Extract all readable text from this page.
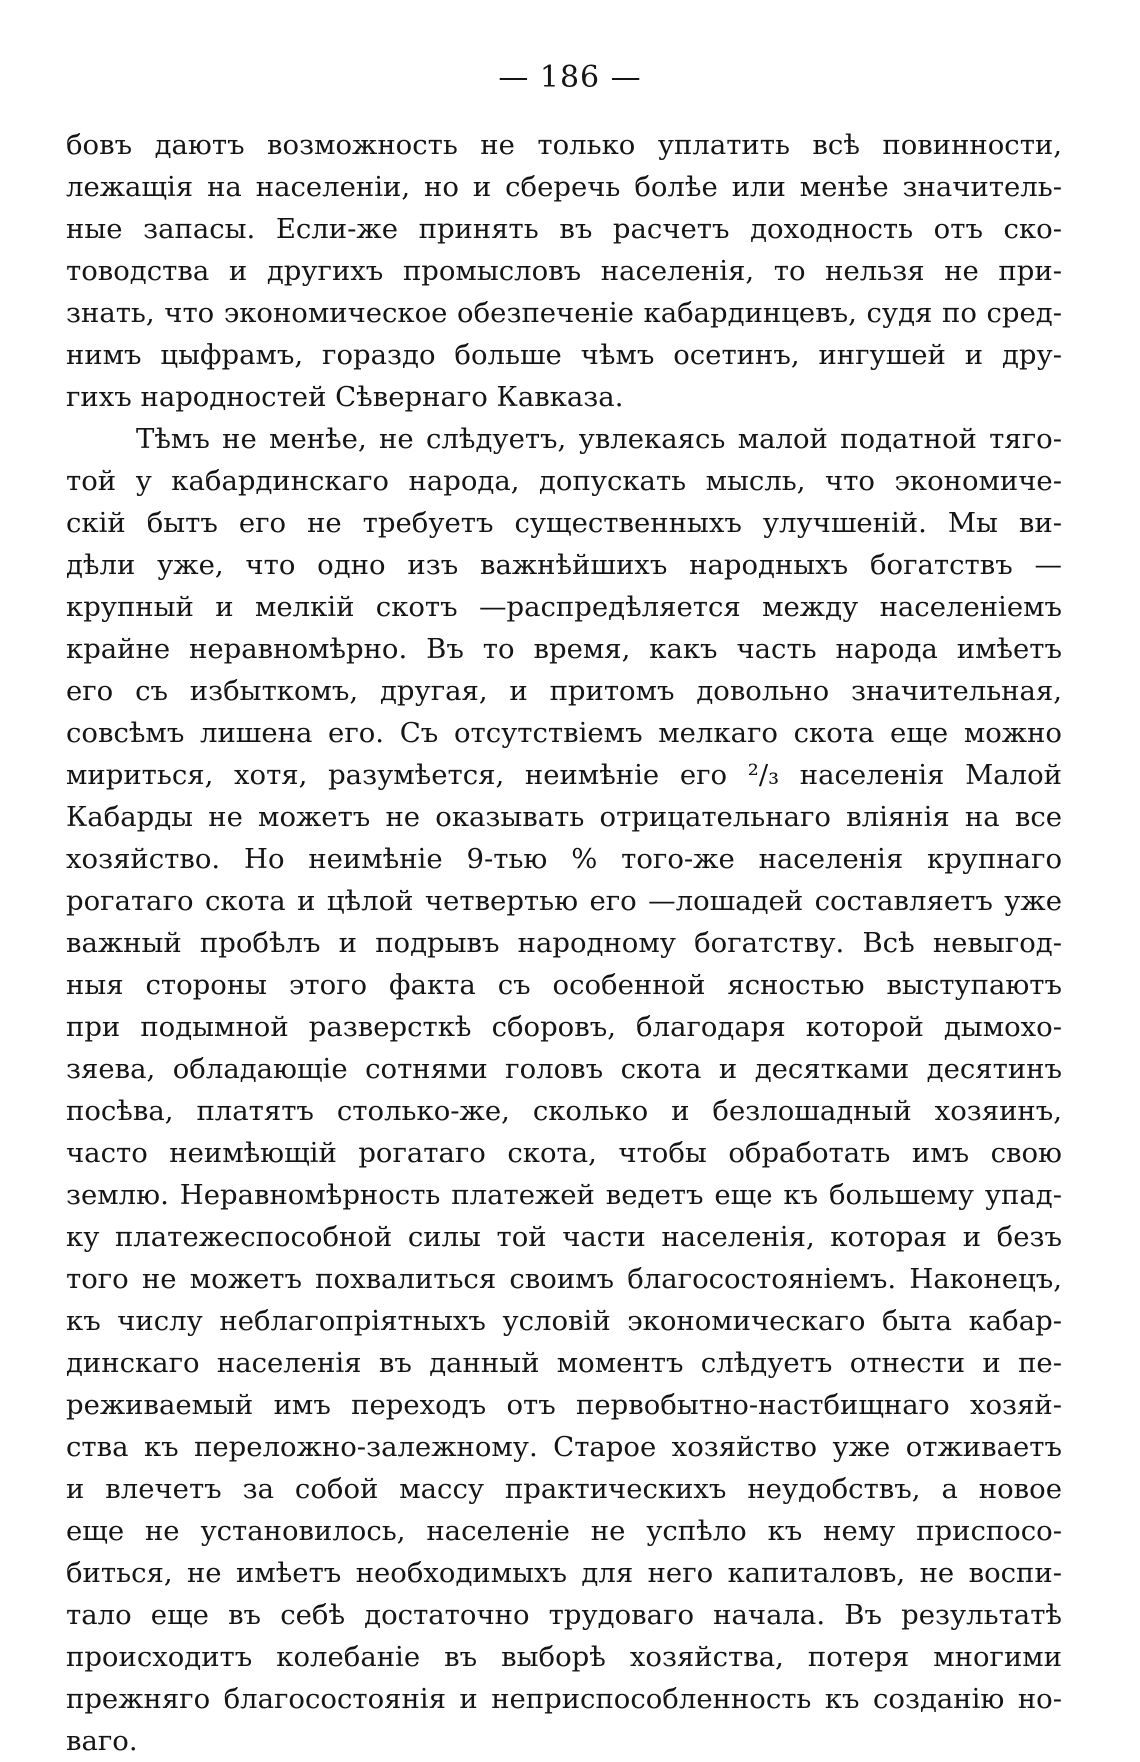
— 186 —
бовъ даютъ возможность не только уплатить всѣ повинности,
лежащія на населеніи, но и сберечь болѣе или менѣе значитель-
ные запасы. Если-же принять въ расчетъ доходность отъ ско-
товодства и другихъ промысловъ населенія, то нельзя не при-
знать, что экономическое обезпеченіе кабардинцевъ, судя по сред-
нимъ цыфрамъ, гораздо больше чѣмъ осетинъ, ингушей и дру-
гихъ народностей Сѣвернаго Кавказа.
Тѣмъ не менѣе, не слѣдуетъ, увлекаясь малой податной тяго-
той у кабардинскаго народа, допускать мысль, что экономиче-
скій бытъ его не требуетъ существенныхъ улучшеній. Мы ви-
дѣли уже, что одно изъ важнѣйшихъ народныхъ богатствъ —
крупный и мелкій скотъ —распредѣляется между населеніемъ
крайне неравномѣрно. Въ то время, какъ часть народа имѣетъ
его съ избыткомъ, другая, и притомъ довольно значительная,
совсѣмъ лишена его. Съ отсутствіемъ мелкаго скота еще можно
мириться, хотя, разумѣется, неимѣніе его ²/₃ населенія Малой
Кабарды не можетъ не оказывать отрицательнаго вліянія на все
хозяйство. Но неимѣніе 9-тью % того-же населенія крупнаго
рогатаго скота и цѣлой четвертью его —лошадей составляетъ уже
важный пробѣлъ и подрывъ народному богатству. Всѣ невыгод-
ныя стороны этого факта съ особенной ясностью выступаютъ
при подымной разверсткѣ сборовъ, благодаря которой дымохо-
зяева, обладающіе сотнями головъ скота и десятками десятинъ
посѣва, платятъ столько-же, сколько и безлошадный хозяинъ,
часто неимѣющій рогатаго скота, чтобы обработать имъ свою
землю. Неравномѣрность платежей ведетъ еще къ большему упад-
ку платежеспособной силы той части населенія, которая и безъ
того не можетъ похвалиться своимъ благосостояніемъ. Наконецъ,
къ числу неблагопріятныхъ условій экономическаго быта кабар-
динскаго населенія въ данный моментъ слѣдуетъ отнести и пе-
реживаемый имъ переходъ отъ первобытно-настбищнаго хозяй-
ства къ переложно-залежному. Старое хозяйство уже отживаетъ
и влечетъ за собой массу практическихъ неудобствъ, а новое
еще не установилось, населеніе не успѣло къ нему приспосо-
биться, не имѣетъ необходимыхъ для него капиталовъ, не воспи-
тало еще въ себѣ достаточно трудоваго начала. Въ результатѣ
происходитъ колебаніе въ выборѣ хозяйства, потеря многими
прежняго благосостоянія и неприспособленность къ созданію но-
ваго.
